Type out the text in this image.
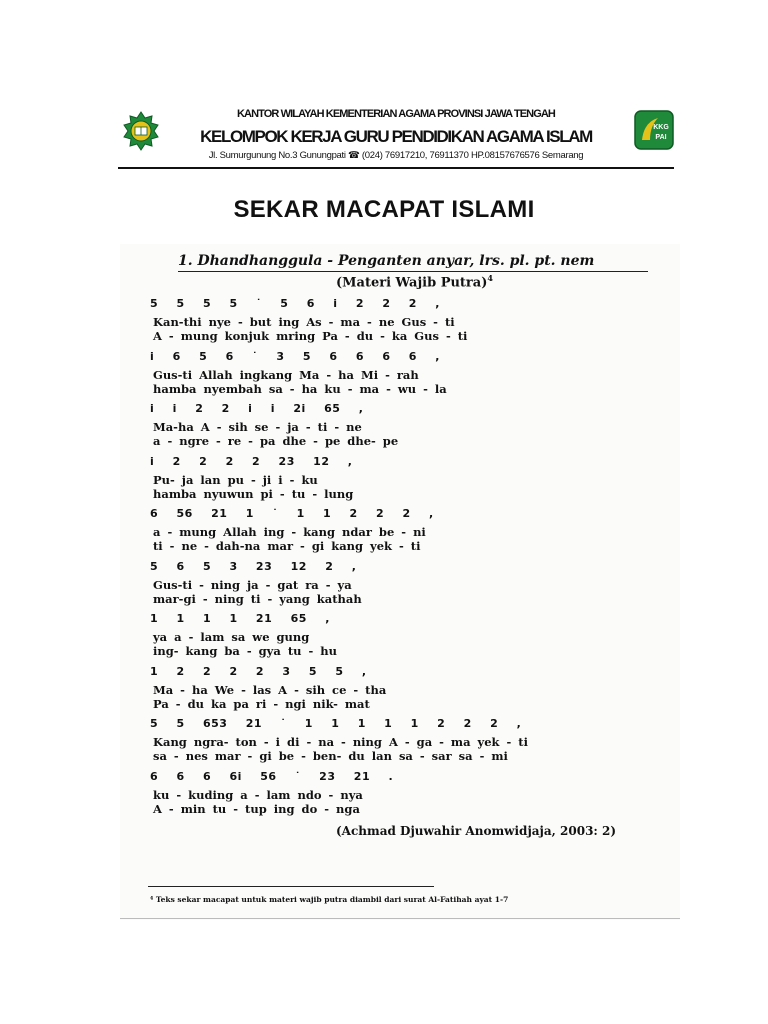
KANTOR WILAYAH KEMENTERIAN AGAMA PROVINSI JAWA TENGAH
KELOMPOK KERJA GURU PENDIDIKAN AGAMA ISLAM
Jl. Sumurgunung No.3 Gunungpati ☎ (024) 76917210, 76911370 HP.08157676576 Semarang
KKG
PAI
SEKAR MACAPAT ISLAMI
1. Dhandhanggula - Penganten anyar, lrs. pl. pt. nem
(Materi Wajib Putra)$^4$
5 5 5 5 ˙ 5 6 i 2 2 2 ,
Kan-thi nye - but ing As - ma - ne Gus - ti
A - mung konjuk mring Pa - du - ka Gus - ti
i 6 5 6 ˙ 3 5 6 6 6 6 ,
Gus-ti Allah ingkang Ma - ha Mi - rah
hamba nyembah sa - ha ku - ma - wu - la
i i 2 2 i i 2i 65 ,
Ma-ha A - sih se - ja - ti - ne
a - ngre - re - pa dhe - pe dhe- pe
i 2 2 2 2 23 12 ,
Pu- ja lan pu - ji i - ku
hamba nyuwun pi - tu - lung
6 56 21 1 ˙ 1 1 2 2 2 ,
a - mung Allah ing - kang ndar be - ni
ti - ne - dah-na mar - gi kang yek - ti
5 6 5 3 23 12 2 ,
Gus-ti - ning ja - gat ra - ya
mar-gi - ning ti - yang kathah
1 1 1 1 21 65 ,
ya a - lam sa we gung
ing- kang ba - gya tu - hu
1 2 2 2 2 3 5 5 ,
Ma - ha We - las A - sih ce - tha
Pa - du ka pa ri - ngi nik- mat
5 5 653 21 ˙ 1 1 1 1 1 2 2 2 ,
Kang ngra- ton - i di - na - ning A - ga - ma yek - ti
sa - nes mar - gi be - ben- du lan sa - sar sa - mi
6 6 6 6i 56 ˙ 23 21 .
ku - kuding a - lam ndo - nya
A - min tu - tup ing do - nga
(Achmad Djuwahir Anomwidjaja, 2003: 2)
⁴ Teks sekar macapat untuk materi wajib putra diambil dari surat Al-Fatihah ayat 1-7
